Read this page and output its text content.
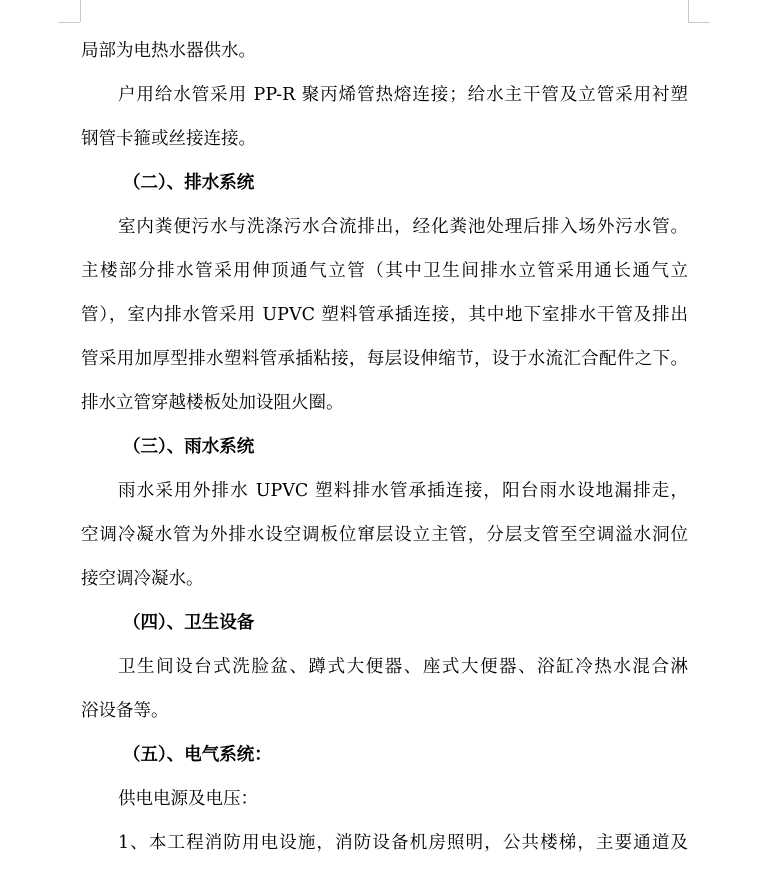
局部为电热水器供水。
户用给水管采用 PP-R 聚丙烯管热熔连接；给水主干管及立管采用衬塑
钢管卡箍或丝接连接。
（二）、排水系统
室内粪便污水与洗涤污水合流排出，经化粪池处理后排入场外污水管。
主楼部分排水管采用伸顶通气立管（其中卫生间排水立管采用通长通气立
管），室内排水管采用 UPVC 塑料管承插连接，其中地下室排水干管及排出
管采用加厚型排水塑料管承插粘接，每层设伸缩节，设于水流汇合配件之下。
排水立管穿越楼板处加设阻火圈。
（三）、雨水系统
雨水采用外排水 UPVC 塑料排水管承插连接，阳台雨水设地漏排走，
空调冷凝水管为外排水设空调板位窜层设立主管，分层支管至空调溢水洞位
接空调冷凝水。
（四）、卫生设备
卫生间设台式洗脸盆、蹲式大便器、座式大便器、浴缸冷热水混合淋
浴设备等。
（五）、电气系统：
供电电源及电压：
1、本工程消防用电设施，消防设备机房照明，公共楼梯，主要通道及
